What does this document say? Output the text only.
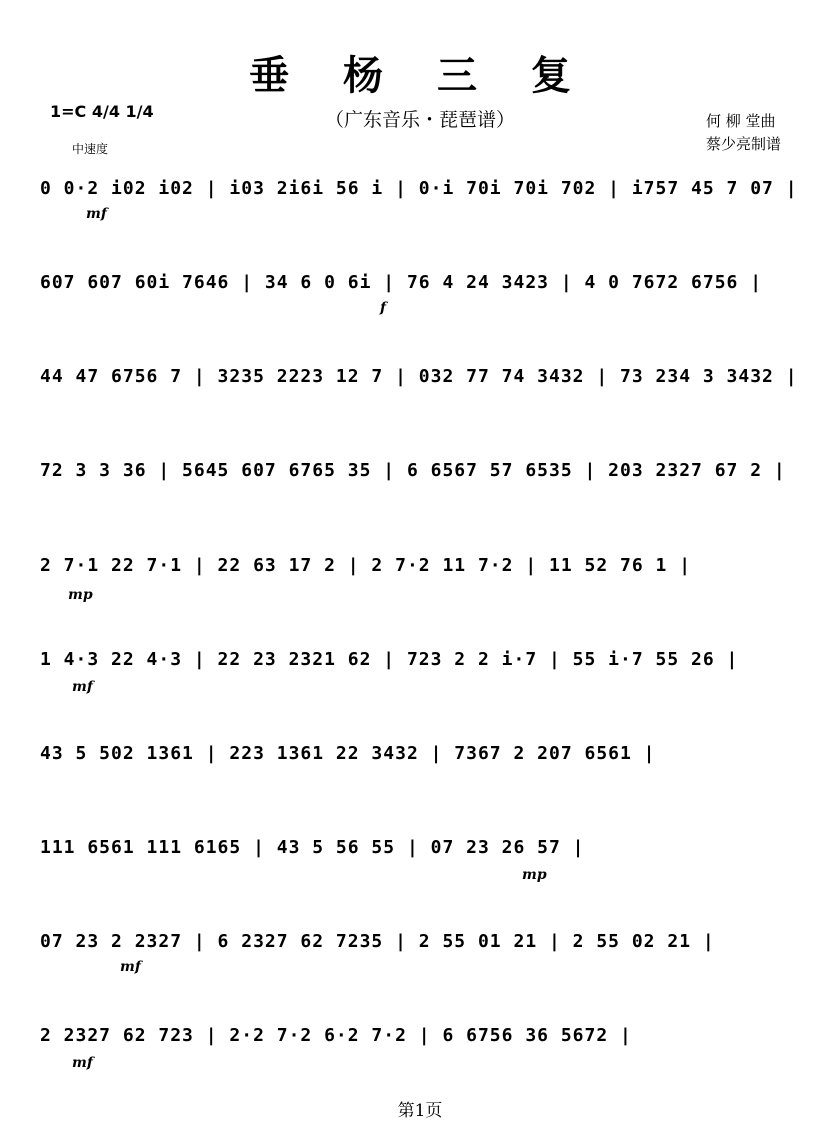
垂 杨 三 复
（广东音乐・琵琶谱）
1=C 4/4 1/4
中速度
何 柳 堂曲
蔡少亮制谱
0 0·2 i02 i02 | i03 2i6i 56 i | 0·i 70i 70i 702 | i757 45 7 07 |
mf
607 607 60i 7646 | 34 6 0 6i | 76 4 24 3423 | 4 0 7672 6756 |
f
44 47 6756 7 | 3235 2223 12 7 | 032 77 74 3432 | 73 234 3 3432 |
72 3 3 36 | 5645 607 6765 35 | 6 6567 57 6535 | 203 2327 67 2 |
2 7·1 22 7·1 | 22 63 17 2 | 2 7·2 11 7·2 | 11 52 76 1 |
mp
1 4·3 22 4·3 | 22 23 2321 62 | 723 2 2 i·7 | 55 i·7 55 26 |
mf
43 5 502 1361 | 223 1361 22 3432 | 7367 2 207 6561 |
111 6561 111 6165 | 43 5 56 55 | 07 23 26 57 |
mp
07 23 2 2327 | 6 2327 62 7235 | 2 55 01 21 | 2 55 02 21 |
mf
2 2327 62 723 | 2·2 7·2 6·2 7·2 | 6 6756 36 5672 |
mf
第1页
